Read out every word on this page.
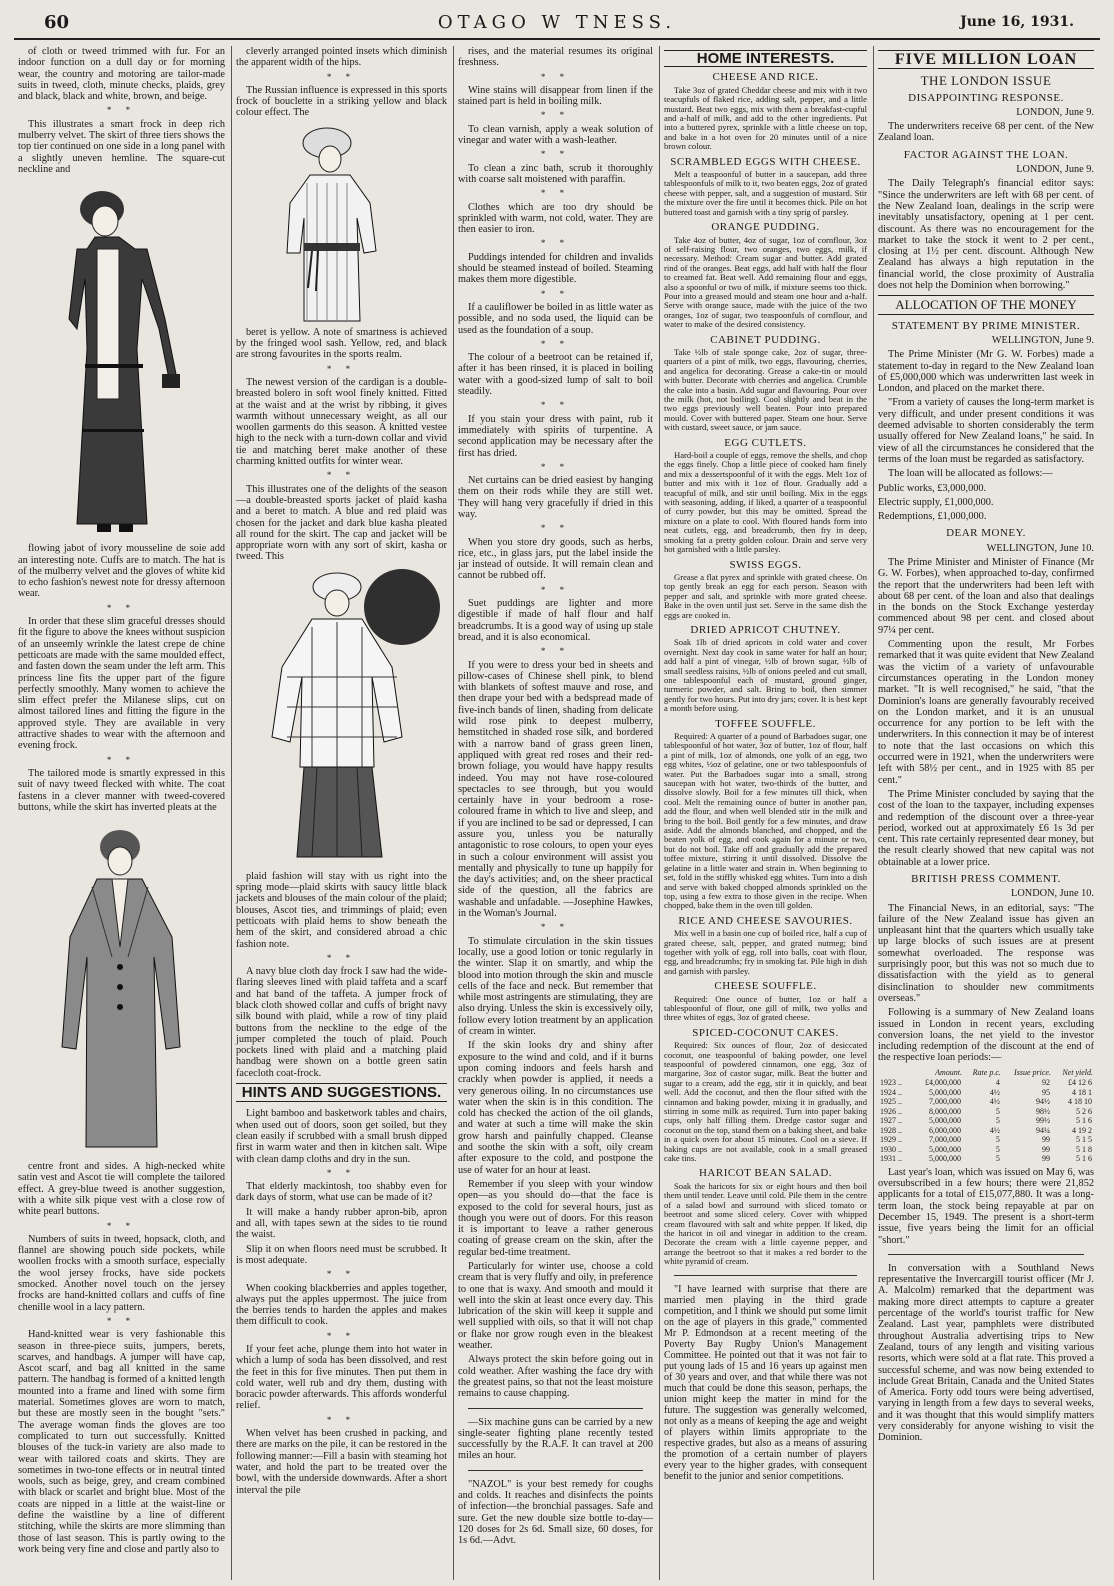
60	OTAGO W TNESS.	June 16, 1931.

of cloth or tweed trimmed with fur. For an indoor function on a dull day or for morning wear, the country and motoring are tailor-made suits in tweed, cloth, minute checks, plaids, grey and black, black and white, brown, and beige.

* *

This illustrates a smart frock in deep rich mulberry velvet. The skirt of three tiers shows the top tier continued on one side in a long panel with a slightly uneven hemline. The square-cut neckline and

flowing jabot of ivory mousseline de soie add an interesting note. Cuffs are to match. The hat is of the mulberry velvet and the gloves of white kid to echo fashion's newest note for dressy afternoon wear.

* *

In order that these slim graceful dresses should fit the figure to above the knees without suspicion of an unseemly wrinkle the latest crepe de chine petticoats are made with the same moulded effect, and fasten down the seam under the left arm. This princess line fits the upper part of the figure perfectly smoothly. Many women to achieve the slim effect prefer the Milanese slips, cut on almost tailored lines and fitting the figure in the approved style. They are available in very attractive shades to wear with the afternoon and evening frock.

* *

The tailored mode is smartly expressed in this suit of navy tweed flecked with white. The coat fastens in a clever manner with tweed-covered buttons, while the skirt has inverted pleats at the

centre front and sides. A high-necked white satin vest and Ascot tie will complete the tailored effect. A grey-blue tweed is another suggestion, with a white silk pique vest with a close row of white pearl buttons.

* *

Numbers of suits in tweed, hopsack, cloth, and flannel are showing pouch side pockets, while woollen frocks with a smooth surface, especially the wool jersey frocks, have side pockets smocked. Another novel touch on the jersey frocks are hand-knitted collars and cuffs of fine chenille wool in a lacy pattern.

* *

Hand-knitted wear is very fashionable this season in three-piece suits, jumpers, berets, scarves, and handbags. A jumper will have cap, Ascot scarf, and bag all knitted in the same pattern. The handbag is formed of a knitted length mounted into a frame and lined with some firm material. Sometimes gloves are worn to match, but these are mostly seen in the bought "sets." The average woman finds the gloves are too complicated to turn out successfully. Knitted blouses of the tuck-in variety are also made to wear with tailored coats and skirts. They are sometimes in two-tone effects or in neutral tinted wools, such as beige, grey, and cream combined with black or scarlet and bright blue. Most of the coats are nipped in a little at the waist-line or define the waistline by a line of different stitching, while the skirts are more slimming than those of last season. This is partly owing to the work being very fine and close and partly also to

cleverly arranged pointed insets which diminish the apparent width of the hips.

* *

The Russian influence is expressed in this sports frock of bouclette in a striking yellow and black colour effect. The

beret is yellow. A note of smartness is achieved by the fringed wool sash. Yellow, red, and black are strong favourites in the sports realm.

* *

The newest version of the cardigan is a double-breasted bolero in soft wool finely knitted. Fitted at the waist and at the wrist by ribbing, it gives warmth without unnecessary weight, as all our woollen garments do this season. A knitted vestee high to the neck with a turn-down collar and vivid tie and matching beret make another of these charming knitted outfits for winter wear.

* *

This illustrates one of the delights of the season—a double-breasted sports jacket of plaid kasha and a beret to match. A blue and red plaid was chosen for the jacket and dark blue kasha pleated all round for the skirt. The cap and jacket will be appropriate worn with any sort of skirt, kasha or tweed. This

plaid fashion will stay with us right into the spring mode—plaid skirts with saucy little black jackets and blouses of the main colour of the plaid; blouses, Ascot ties, and trimmings of plaid; even petticoats with plaid hems to show beneath the hem of the skirt, and considered abroad a chic fashion note.

* *

A navy blue cloth day frock I saw had the wide-flaring sleeves lined with plaid taffeta and a scarf and hat band of the taffeta. A jumper frock of black cloth showed collar and cuffs of bright navy silk bound with plaid, while a row of tiny plaid buttons from the neckline to the edge of the jumper completed the touch of plaid. Pouch pockets lined with plaid and a matching plaid handbag were shown on a bottle green satin facecloth coat-frock.

HINTS AND SUGGESTIONS.

Light bamboo and basketwork tables and chairs, when used out of doors, soon get soiled, but they clean easily if scrubbed with a small brush dipped first in warm water and then in kitchen salt. Wipe with clean damp cloths and dry in the sun.

* *

That elderly mackintosh, too shabby even for dark days of storm, what use can be made of it?

It will make a handy rubber apron-bib, apron and all, with tapes sewn at the sides to tie round the waist.

Slip it on when floors need must be scrubbed. It is most adequate.

* *

When cooking blackberries and apples together, always put the apples uppermost. The juice from the berries tends to harden the apples and makes them difficult to cook.

* *

If your feet ache, plunge them into hot water in which a lump of soda has been dissolved, and rest the feet in this for five minutes. Then put them in cold water, well rub and dry them, dusting with boracic powder afterwards. This affords wonderful relief.

* *

When velvet has been crushed in packing, and there are marks on the pile, it can be restored in the following manner:—Fill a basin with steaming hot water, and hold the part to be treated over the bowl, with the underside downwards. After a short interval the pile

rises, and the material resumes its original freshness.

* *

Wine stains will disappear from linen if the stained part is held in boiling milk.

* *

To clean varnish, apply a weak solution of vinegar and water with a wash-leather.

* *

To clean a zinc bath, scrub it thoroughly with coarse salt moistened with paraffin.

* *

Clothes which are too dry should be sprinkled with warm, not cold, water. They are then easier to iron.

* *

Puddings intended for children and invalids should be steamed instead of boiled. Steaming makes them more digestible.

* *

If a cauliflower be boiled in as little water as possible, and no soda used, the liquid can be used as the foundation of a soup.

* *

The colour of a beetroot can be retained if, after it has been rinsed, it is placed in boiling water with a good-sized lump of salt to boil steadily.

* *

If you stain your dress with paint, rub it immediately with spirits of turpentine. A second application may be necessary after the first has dried.

* *

Net curtains can be dried easiest by hanging them on their rods while they are still wet. They will hang very gracefully if dried in this way.

* *

When you store dry goods, such as herbs, rice, etc., in glass jars, put the label inside the jar instead of outside. It will remain clean and cannot be rubbed off.

* *

Suet puddings are lighter and more digestible if made of half flour and half breadcrumbs. It is a good way of using up stale bread, and it is also economical.

* *

If you were to dress your bed in sheets and pillow-cases of Chinese shell pink, to blend with blankets of softest mauve and rose, and then drape your bed with a bedspread made of five-inch bands of linen, shading from delicate wild rose pink to deepest mulberry, hemstitched in shaded rose silk, and bordered with a narrow band of grass green linen, appliqued with great red roses and their red-brown foliage, you would have happy results indeed. You may not have rose-coloured spectacles to see through, but you would certainly have in your bedroom a rose-coloured frame in which to live and sleep, and if you are inclined to be sad or depressed, I can assure you, unless you be naturally antagonistic to rose colours, to open your eyes in such a colour environment will assist you mentally and physically to tune up happily for the day's activities; and, on the sheer practical side of the question, all the fabrics are washable and unfadable. —Josephine Hawkes, in the Woman's Journal.

* *

To stimulate circulation in the skin tissues locally, use a good lotion or tonic regularly in the winter. Slap it on smartly, and whip the blood into motion through the skin and muscle cells of the face and neck. But remember that while most astringents are stimulating, they are also drying. Unless the skin is excessively oily, follow every lotion treatment by an application of cream in winter.

If the skin looks dry and shiny after exposure to the wind and cold, and if it burns upon coming indoors and feels harsh and crackly when powder is applied, it needs a very generous oiling. In no circumstances use water when the skin is in this condition. The cold has checked the action of the oil glands, and water at such a time will make the skin grow harsh and painfully chapped. Cleanse and soothe the skin with a soft, oily cream after exposure to the cold, and postpone the use of water for an hour at least.

Remember if you sleep with your window open—as you should do—that the face is exposed to the cold for several hours, just as though you were out of doors. For this reason it is important to leave a rather generous coating of grease cream on the skin, after the regular bed-time treatment.

Particularly for winter use, choose a cold cream that is very fluffy and oily, in preference to one that is waxy. And smooth and mould it well into the skin at least once every day. This lubrication of the skin will keep it supple and well supplied with oils, so that it will not chap or flake nor grow rough even in the bleakest weather.

Always protect the skin before going out in cold weather. After washing the face dry with the greatest pains, so that not the least moisture remains to cause chapping.

—Six machine guns can be carried by a new single-seater fighting plane recently tested successfully by the R.A.F. It can travel at 200 miles an hour.

"NAZOL" is your best remedy for coughs and colds. It reaches and disinfects the points of infection—the bronchial passages. Safe and sure. Get the new double size bottle to-day—120 doses for 2s 6d. Small size, 60 doses, for 1s 6d.—Advt.

HOME INTERESTS.
CHEESE AND RICE.

Take 3oz of grated Cheddar cheese and mix with it two teacupfuls of flaked rice, adding salt, pepper, and a little mustard. Beat two eggs, mix with them a breakfast-cupful and a-half of milk, and add to the other ingredients. Put into a buttered pyrex, sprinkle with a little cheese on top, and bake in a hot oven for 20 minutes until of a nice brown colour.

SCRAMBLED EGGS WITH CHEESE.

Melt a teaspoonful of butter in a saucepan, add three tablespoonfuls of milk to it, two beaten eggs, 2oz of grated cheese with pepper, salt, and a suggestion of mustard. Stir the mixture over the fire until it becomes thick. Pile on hot buttered toast and garnish with a tiny sprig of parsley.

ORANGE PUDDING.

Take 4oz of butter, 4oz of sugar, 1oz of cornflour, 3oz of self-raising flour, two oranges, two eggs, milk, if necessary. Method: Cream sugar and butter. Add grated rind of the oranges. Beat eggs, add half with half the flour to creamed fat. Beat well. Add remaining flour and eggs, also a spoonful or two of milk, if mixture seems too thick. Pour into a greased mould and steam one hour and a-half. Serve with orange sauce, made with the juice of the two oranges, 1oz of sugar, two teaspoonfuls of cornflour, and water to make of the desired consistency.

CABINET PUDDING.

Take ½lb of stale sponge cake, 2oz of sugar, three-quarters of a pint of milk, two eggs, flavouring, cherries, and angelica for decorating. Grease a cake-tin or mould with butter. Decorate with cherries and angelica. Crumble the cake into a basin. Add sugar and flavouring. Pour over the milk (hot, not boiling). Cool slightly and beat in the two eggs previously well beaten. Pour into prepared mould. Cover with buttered paper. Steam one hour. Serve with custard, sweet sauce, or jam sauce.

EGG CUTLETS.

Hard-boil a couple of eggs, remove the shells, and chop the eggs finely. Chop a little piece of cooked ham finely and mix a dessertspoonful of it with the eggs. Melt 1oz of butter and mix with it 1oz of flour. Gradually add a teacupful of milk, and stir until boiling. Mix in the eggs with seasoning, adding, if liked, a quarter of a teaspoonful of curry powder, but this may be omitted. Spread the mixture on a plate to cool. With floured hands form into neat cutlets, egg, and breadcrumb, then fry in deep, smoking fat a pretty golden colour. Drain and serve very hot garnished with a little parsley.

SWISS EGGS.

Grease a flat pyrex and sprinkle with grated cheese. On top gently break an egg for each person. Season with pepper and salt, and sprinkle with more grated cheese. Bake in the oven until just set. Serve in the same dish the eggs are cooked in.

DRIED APRICOT CHUTNEY.

Soak 1lb of dried apricots in cold water and cover overnight. Next day cook in same water for half an hour; add half a pint of vinegar, ½lb of brown sugar, ½lb of small seedless raisins, ½lb of onions peeled and cut small, one tablespoonful each of mustard, ground ginger, turmeric powder, and salt. Bring to boil, then simmer gently for two hours. Put into dry jars; cover. It is best kept a month before using.

TOFFEE SOUFFLE.

Required: A quarter of a pound of Barbadoes sugar, one tablespoonful of hot water, 3oz of butter, 1oz of flour, half a pint of milk, 1oz of almonds, one yolk of an egg, two egg whites, ½oz of gelatine, one or two tablespoonfuls of water. Put the Barbadoes sugar into a small, strong saucepan with hot water, two-thirds of the butter, and dissolve slowly. Boil for a few minutes till thick, when cool. Melt the remaining ounce of butter in another pan, add the flour, and when well blended stir in the milk and bring to the boil. Boil gently for a few minutes, and draw aside. Add the almonds blanched, and chopped, and the beaten yolk of egg, and cook again for a minute or two, but do not boil. Take off and gradually add the prepared toffee mixture, stirring it until dissolved. Dissolve the gelatine in a little water and strain in. When beginning to set, fold in the stiffly whisked egg whites. Turn into a dish and serve with baked chopped almonds sprinkled on the top, using a few extra to those given in the recipe. When chopped, bake them in the oven till golden.

RICE AND CHEESE SAVOURIES.

Mix well in a basin one cup of boiled rice, half a cup of grated cheese, salt, pepper, and grated nutmeg; bind together with yolk of egg, roll into balls, coat with flour, egg, and breadcrumbs; fry in smoking fat. Pile high in dish and garnish with parsley.

CHEESE SOUFFLE.

Required: One ounce of butter, 1oz or half a tablespoonful of flour, one gill of milk, two yolks and three whites of eggs, 3oz of grated cheese.

SPICED-COCONUT CAKES.

Required: Six ounces of flour, 2oz of desiccated coconut, one teaspoonful of baking powder, one level teaspoonful of powdered cinnamon, one egg, 3oz of margarine, 3oz of castor sugar, milk. Beat the butter and sugar to a cream, add the egg, stir it in quickly, and beat well. Add the coconut, and then the flour sifted with the cinnamon and baking powder, mixing it in gradually, and stirring in some milk as required. Turn into paper baking cups, only half filling them. Dredge castor sugar and coconut on the top, stand them on a baking sheet, and bake in a quick oven for about 15 minutes. Cool on a sieve. If baking cups are not available, cook in a small greased cake tins.

HARICOT BEAN SALAD.

Soak the haricots for six or eight hours and then boil them until tender. Leave until cold. Pile them in the centre of a salad bowl and surround with sliced tomato or beetroot and some sliced celery. Cover with whipped cream flavoured with salt and white pepper. If liked, dip the haricot in oil and vinegar in addition to the cream. Decorate the cream with a little cayenne pepper, and arrange the beetroot so that it makes a red border to the white pyramid of cream.

"I have learned with surprise that there are married men playing in the third grade competition, and I think we should put some limit on the age of players in this grade," commented Mr P. Edmondson at a recent meeting of the Poverty Bay Rugby Union's Management Committee. He pointed out that it was not fair to put young lads of 15 and 16 years up against men of 30 years and over, and that while there was not much that could be done this season, perhaps, the union might keep the matter in mind for the future. The suggestion was generally welcomed, not only as a means of keeping the age and weight of players within limits appropriate to the respective grades, but also as a means of assuring the promotion of a certain number of players every year to the higher grades, with consequent benefit to the junior and senior competitions.

FIVE MILLION LOAN
THE LONDON ISSUE
DISAPPOINTING RESPONSE.

LONDON, June 9.

The underwriters receive 68 per cent. of the New Zealand loan.

FACTOR AGAINST THE LOAN.

LONDON, June 9.

The Daily Telegraph's financial editor says: "Since the underwriters are left with 68 per cent. of the New Zealand loan, dealings in the scrip were inevitably unsatisfactory, opening at 1 per cent. discount. As there was no encouragement for the market to take the stock it went to 2 per cent., closing at 1½ per cent. discount. Although New Zealand has always a high reputation in the financial world, the close proximity of Australia does not help the Dominion when borrowing."

ALLOCATION OF THE MONEY
STATEMENT BY PRIME MINISTER.

WELLINGTON, June 9.

The Prime Minister (Mr G. W. Forbes) made a statement to-day in regard to the New Zealand loan of £5,000,000 which was underwritten last week in London, and placed on the market there.

"From a variety of causes the long-term market is very difficult, and under present conditions it was deemed advisable to shorten considerably the term usually offered for New Zealand loans," he said. In view of all the circumstances he considered that the terms of the loan must be regarded as satisfactory.

The loan will be allocated as follows:—

Public works, £3,000,000.

Electric supply, £1,000,000.

Redemptions, £1,000,000.

DEAR MONEY.

WELLINGTON, June 10.

The Prime Minister and Minister of Finance (Mr G. W. Forbes), when approached to-day, confirmed the report that the underwriters had been left with about 68 per cent. of the loan and also that dealings in the bonds on the Stock Exchange yesterday commenced about 98 per cent. and closed about 97¼ per cent.

Commenting upon the result, Mr Forbes remarked that it was quite evident that New Zealand was the victim of a variety of unfavourable circumstances operating in the London money market. "It is well recognised," he said, "that the Dominion's loans are generally favourably received on the London market, and it is an unusual occurrence for any portion to be left with the underwriters. In this connection it may be of interest to note that the last occasions on which this occurred were in 1921, when the underwriters were left with 58½ per cent., and in 1925 with 85 per cent."

The Prime Minister concluded by saying that the cost of the loan to the taxpayer, including expenses and redemption of the discount over a three-year period, worked out at approximately £6 1s 3d per cent. This rate certainly represented dear money, but the result clearly showed that new capital was not obtainable at a lower price.

BRITISH PRESS COMMENT.

LONDON, June 10.

The Financial News, in an editorial, says: "The failure of the New Zealand issue has given an unpleasant hint that the quarters which usually take up large blocks of such issues are at present somewhat overloaded. The response was surprisingly poor, but this was not so much due to dissatisfaction with the yield as to general disinclination to shoulder new commitments overseas."

Following is a summary of New Zealand loans issued in London in recent years, excluding conversion loans, the net yield to the investor including redemption of the discount at the end of the respective loan periods:—

	Amount.	Rate p.c.	Issue price.	Net yield.
1923 ..	£4,000,000	4	92	£4 12 6
1924 ..	5,000,000	4½	95	4 18 1
1925 ..	7,000,000	4½	94½	4 18 10
1926 ..	8,000,000	5	98½	5 2 6
1927 ..	5,000,000	5	99½	5 1 6
1928 ..	6,000,000	4½	94¼	4 19 2
1929 ..	7,000,000	5	99	5 1 5
1930 ..	5,000,000	5	99	5 1 8
1931 ..	5,000,000	5	99	5 1 6

Last year's loan, which was issued on May 6, was oversubscribed in a few hours; there were 21,852 applicants for a total of £15,077,880. It was a long-term loan, the stock being repayable at par on December 15, 1949. The present is a short-term issue, five years being the limit for an official "short."

In conversation with a Southland News representative the Invercargill tourist officer (Mr J. A. Malcolm) remarked that the department was making more direct attempts to capture a greater percentage of the world's tourist traffic for New Zealand. Last year, pamphlets were distributed throughout Australia advertising trips to New Zealand, tours of any length and visiting various resorts, which were sold at a flat rate. This proved a successful scheme, and was now being extended to include Great Britain, Canada and the United States of America. Forty odd tours were being advertised, varying in length from a few days to several weeks, and it was thought that this would simplify matters very considerably for anyone wishing to visit the Dominion.
